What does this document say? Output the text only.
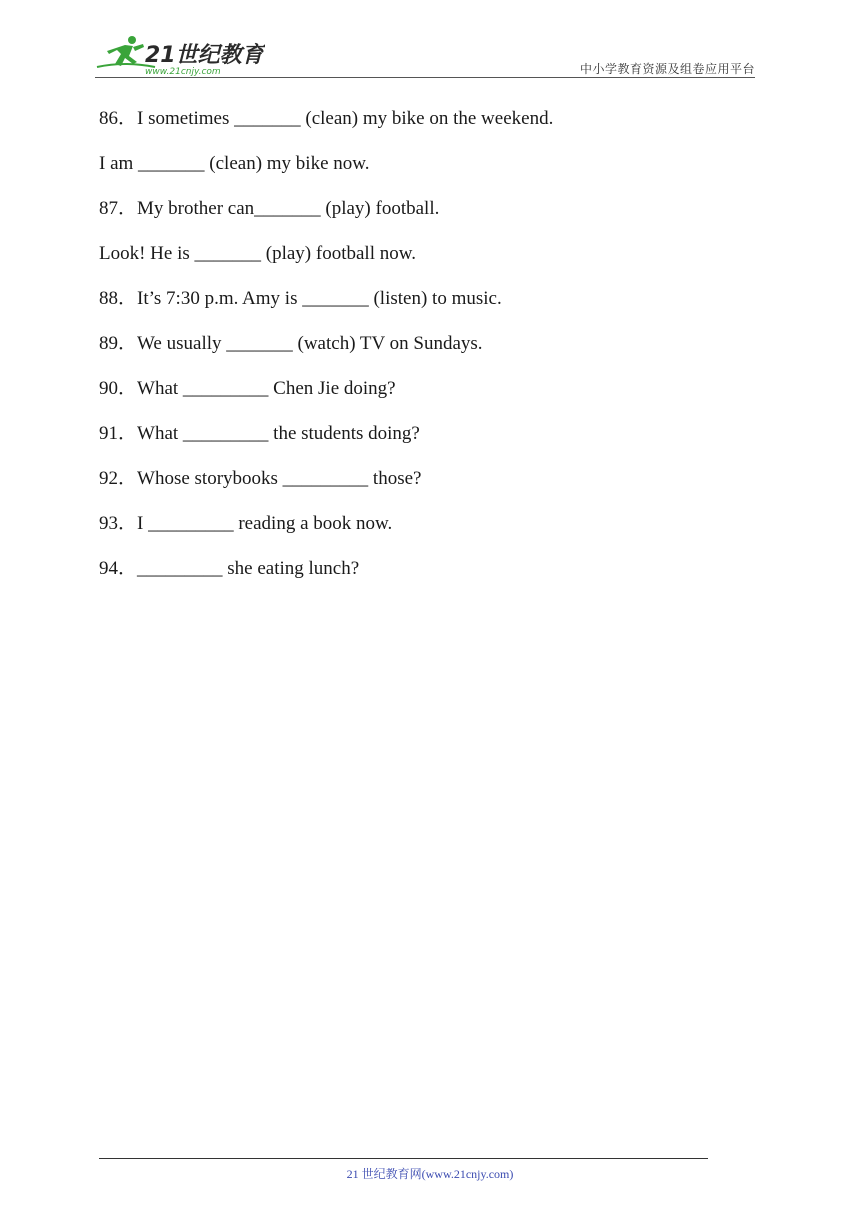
21世纪教育
www.21cnjy.com	中小学教育资源及组卷应用平台
86．I sometimes _______ (clean) my bike on the weekend.
I am _______ (clean) my bike now.
87．My brother can_______ (play) football.
Look! He is _______ (play) football now.
88．It’s 7:30 p.m. Amy is _______ (listen) to music.
89．We usually _______ (watch) TV on Sundays.
90．What _________ Chen Jie doing?
91．What _________ the students doing?
92．Whose storybooks _________ those?
93．I _________ reading a book now.
94．_________ she eating lunch?
21 世纪教育网(www.21cnjy.com)
